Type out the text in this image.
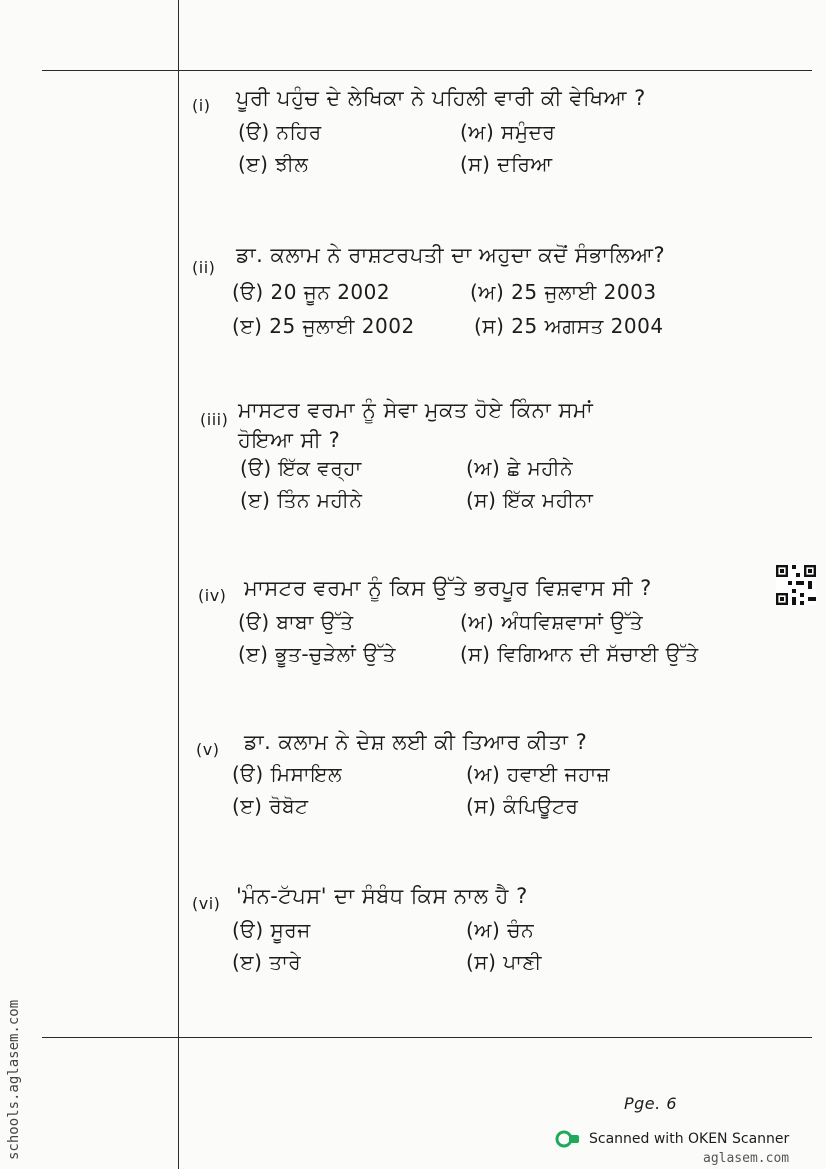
schools.aglasem.com
(i) ਪੂਰੀ ਪਹੁੰਚ ਦੇ ਲੇਖਿਕਾ ਨੇ ਪਹਿਲੀ ਵਾਰੀ ਕੀ ਵੇਖਿਆ ?
(ੳ) ਨਹਿਰ	(ਅ) ਸਮੁੰਦਰ
(ੲ) ਝੀਲ	(ਸ) ਦਰਿਆ
(ii)
ਡਾ. ਕਲਾਮ ਨੇ ਰਾਸ਼ਟਰਪਤੀ ਦਾ ਅਹੁਦਾ ਕਦੋਂ ਸੰਭਾਲਿਆ?
(ੳ) 20 ਜੂਨ 2002	(ਅ) 25 ਜੁਲਾਈ 2003
(ੲ) 25 ਜੁਲਾਈ 2002	(ਸ) 25 ਅਗਸਤ 2004
(iii) ਮਾਸਟਰ ਵਰਮਾ ਨੂੰ ਸੇਵਾ ਮੁਕਤ ਹੋਏ ਕਿੰਨਾ ਸਮਾਂ
ਹੋਇਆ ਸੀ ?
(ੳ) ਇੱਕ ਵਰ੍ਹਾ	(ਅ) ਛੇ ਮਹੀਨੇ
(ੲ) ਤਿੰਨ ਮਹੀਨੇ	(ਸ) ਇੱਕ ਮਹੀਨਾ
(iv) ਮਾਸਟਰ ਵਰਮਾ ਨੂੰ ਕਿਸ ਉੱਤੇ ਭਰਪੂਰ ਵਿਸ਼ਵਾਸ ਸੀ ?
(ੳ) ਬਾਬਾ ਉੱਤੇ	(ਅ) ਅੰਧਵਿਸ਼ਵਾਸਾਂ ਉੱਤੇ
(ੲ) ਭੂਤ-ਚੁੜੇਲਾਂ ਉੱਤੇ	(ਸ) ਵਿਗਿਆਨ ਦੀ ਸੱਚਾਈ ਉੱਤੇ
(v) ਡਾ. ਕਲਾਮ ਨੇ ਦੇਸ਼ ਲਈ ਕੀ ਤਿਆਰ ਕੀਤਾ ?
(ੳ) ਮਿਸਾਇਲ	(ਅ) ਹਵਾਈ ਜਹਾਜ਼
(ੲ) ਰੋਬੋਟ	(ਸ) ਕੰਪਿਊਟਰ
(vi) 'ਮੰਨ-ਟੱਪਸ' ਦਾ ਸੰਬੰਧ ਕਿਸ ਨਾਲ ਹੈ ?
(ੳ) ਸੂਰਜ	(ਅ) ਚੰਨ
(ੲ) ਤਾਰੇ	(ਸ) ਪਾਣੀ
Pge. 6
Scanned with OKEN Scanner
aglasem.com
